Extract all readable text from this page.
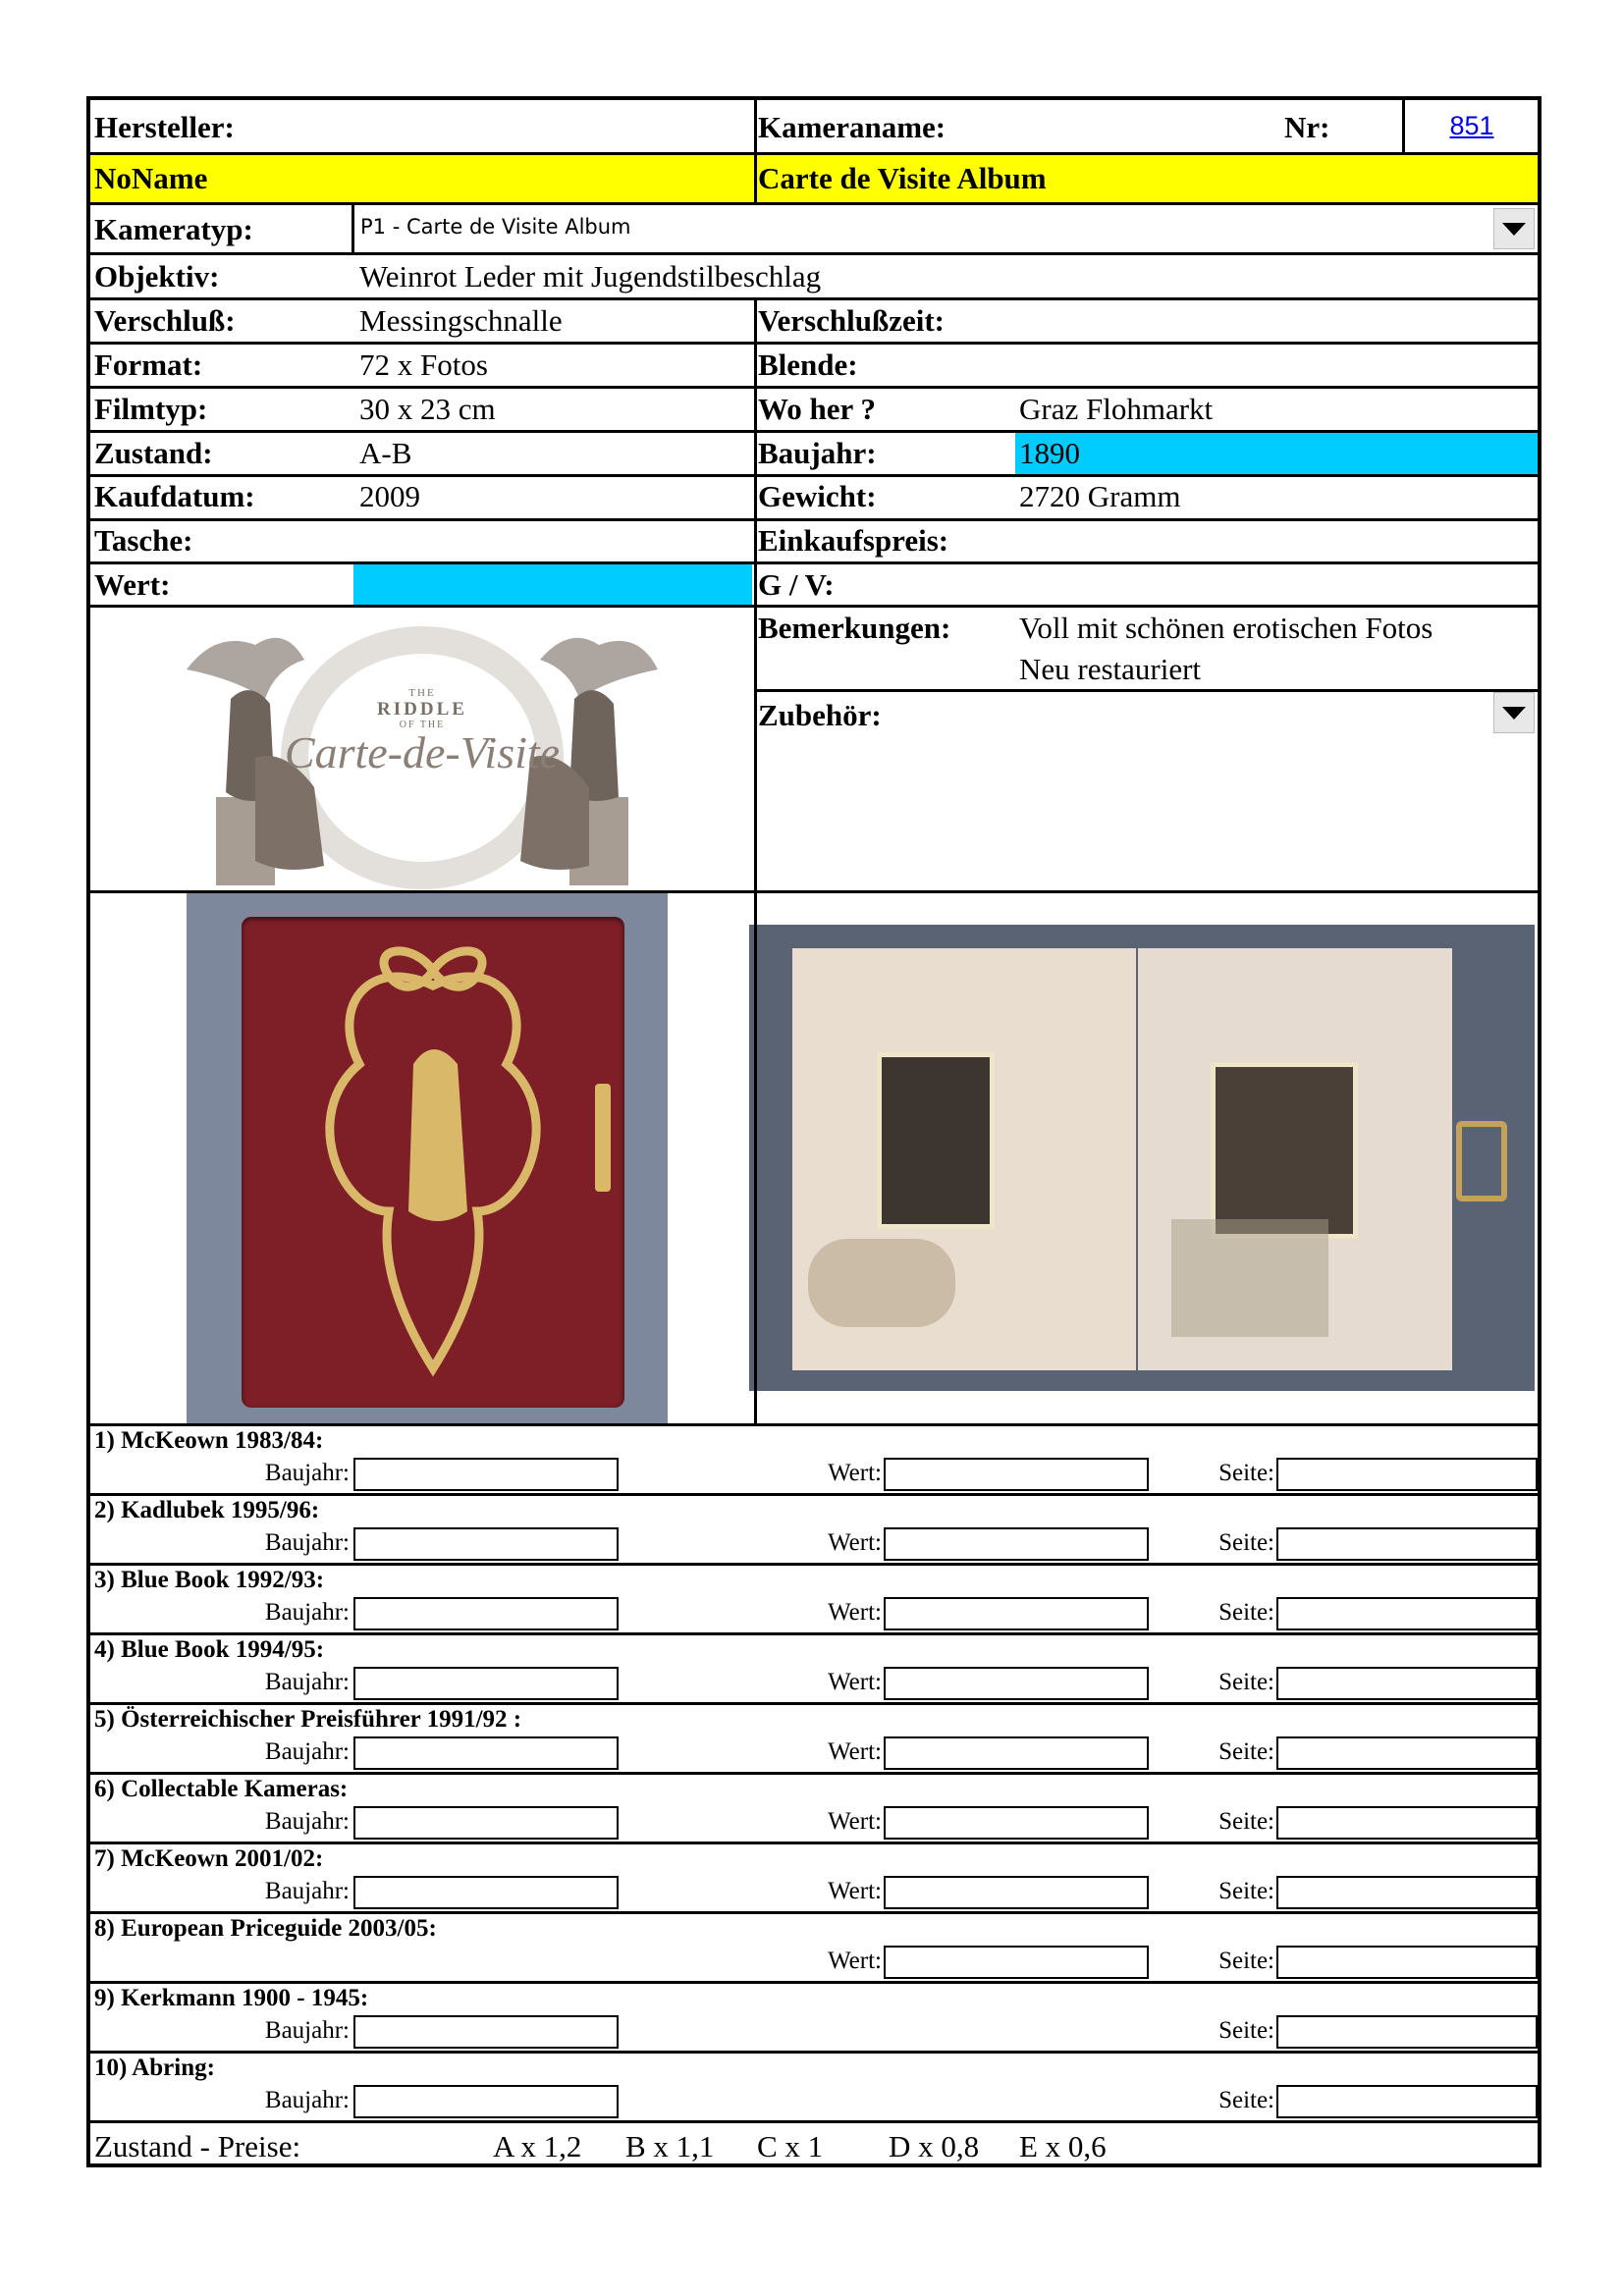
Hersteller:	Kameraname:	Nr:	851
NoName	Carte de Visite Album
Kameratyp:	P1 - Carte de Visite Album
Objektiv:	Weinrot Leder mit Jugendstilbeschlag
Verschluß:	Messingschnalle	Verschlußzeit:
Format:	72 x Fotos	Blende:
Filmtyp:	30 x 23 cm	Wo her ?	Graz Flohmarkt
Zustand:	A-B	Baujahr:	1890
Kaufdatum:	2009	Gewicht:	2720 Gramm
Tasche:	Einkaufspreis:
Wert:	G / V:
Bemerkungen: Voll mit schönen erotischen Fotos
Neu restauriert
Zubehör:
THE
RIDDLE
OF THE
Carte-de-Visite
1) McKeown 1983/84:
Baujahr:	Wert:	Seite:
2) Kadlubek 1995/96:
Baujahr:	Wert:	Seite:
3) Blue Book 1992/93:
Baujahr:	Wert:	Seite:
4) Blue Book 1994/95:
Baujahr:	Wert:	Seite:
5) Österreichischer Preisführer 1991/92 :
Baujahr:	Wert:	Seite:
6) Collectable Kameras:
Baujahr:	Wert:	Seite:
7) McKeown 2001/02:
Baujahr:	Wert:	Seite:
8) European Priceguide 2003/05:
Wert:	Seite:
9) Kerkmann 1900 - 1945:
Baujahr:	Seite:
10) Abring:
Baujahr:	Seite:
Zustand - Preise:	A x 1,2 B x 1,1 C x 1 D x 0,8 E x 0,6
